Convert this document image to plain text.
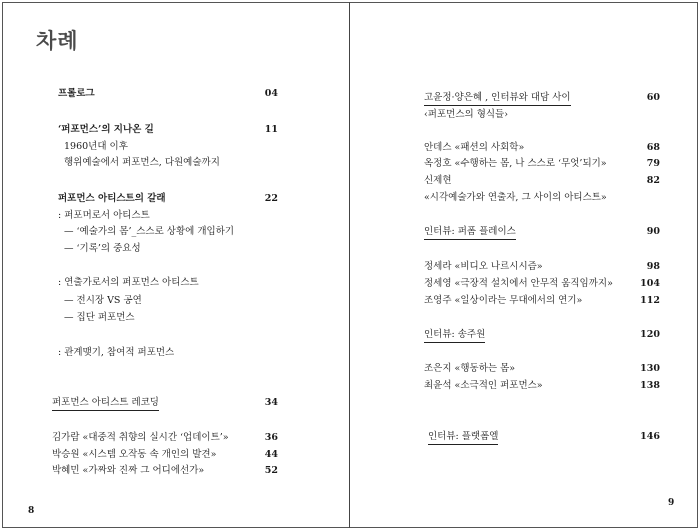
차례
프롤로그	04
‘퍼포먼스’의 지나온 길	11
1960년대 이후
행위예술에서 퍼포먼스, 다원예술까지
퍼포먼스 아티스트의 갈래	22
: 퍼포머로서 아티스트
— ‘예술가의 몸’_스스로 상황에 개입하기
— ‘기록’의 중요성
: 연출가로서의 퍼포먼스 아티스트
— 전시장 VS 공연
— 집단 퍼포먼스
: 관계맺기, 참여적 퍼포먼스
퍼포먼스 아티스트 레코딩	34
김가람 «대중적 취향의 실시간 ‘업데이트’»	36
박승원 «시스템 오작동 속 개인의 발견»	44
박혜민 «가짜와 진짜 그 어디에선가»	52
고윤정·양은혜 , 인터뷰와 대담 사이	60
‹퍼포먼스의 형식들›
안데스 «패션의 사회학»	68
옥정호 «수행하는 몸, 나 스스로 ‘무엇’되기»	79
신제현	82
«시각예술가와 연출자, 그 사이의 아티스트»
인터뷰: 퍼폼 플레이스	90
정세라 «비디오 나르시시즘»	98
정세영 «극장적 설치에서 안무적 움직임까지»	104
조영주 «일상이라는 무대에서의 연기»	112
인터뷰: 송주원	120
조은지 «행동하는 몸»	130
최윤석 «소극적인 퍼포먼스»	138
인터뷰: 플랫폼엘	146
8
9
